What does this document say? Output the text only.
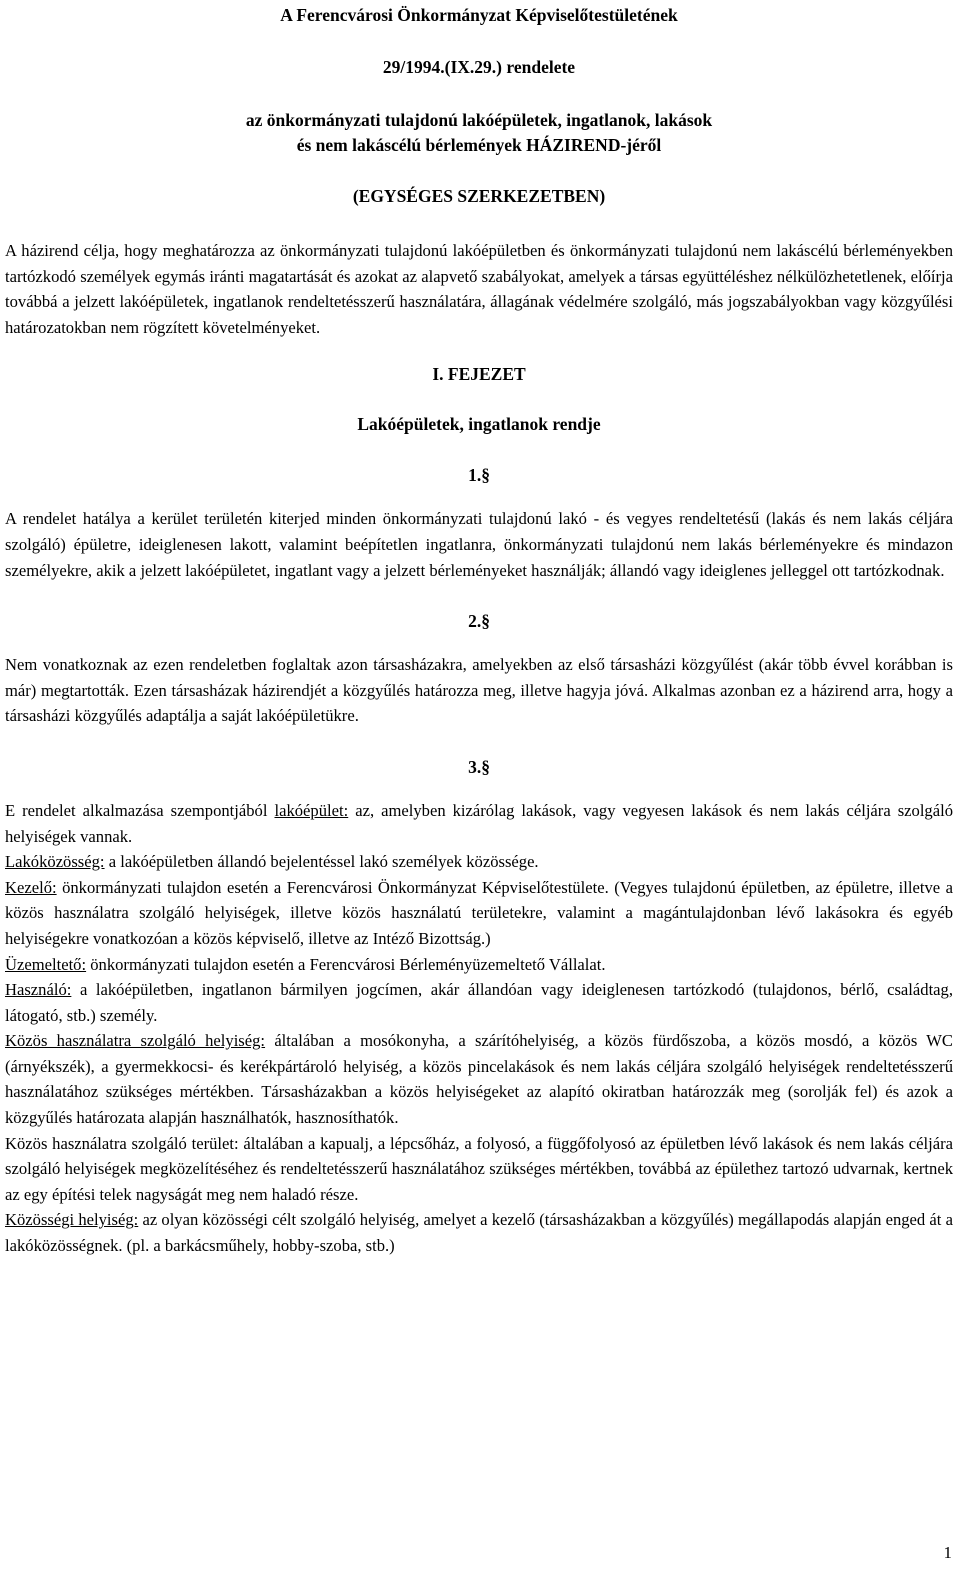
A Ferencvárosi Önkormányzat Képviselőtestületének
29/1994.(IX.29.) rendelete
az önkormányzati tulajdonú lakóépületek, ingatlanok, lakások
és nem lakáscélú bérlemények HÁZIREND-jéről
(EGYSÉGES SZERKEZETBEN)

A házirend célja, hogy meghatározza az önkormányzati tulajdonú lakóépületben és önkormányzati tulajdonú nem lakáscélú bérleményekben tartózkodó személyek egymás iránti magatartását és azokat az alapvető szabályokat, amelyek a társas együttéléshez nélkülözhetetlenek, előírja továbbá a jelzett lakóépületek, ingatlanok rendeltetésszerű használatára, állagának védelmére szolgáló, más jogszabályokban vagy közgyűlési határozatokban nem rögzített követelményeket.

I. FEJEZET
Lakóépületek, ingatlanok rendje
1.§

A rendelet hatálya a kerület területén kiterjed minden önkormányzati tulajdonú lakó - és vegyes rendeltetésű (lakás és nem lakás céljára szolgáló) épületre, ideiglenesen lakott, valamint beépítetlen ingatlanra, önkormányzati tulajdonú nem lakás bérleményekre és mindazon személyekre, akik a jelzett lakóépületet, ingatlant vagy a jelzett bérleményeket használják; állandó vagy ideiglenes jelleggel ott tartózkodnak.

2.§

Nem vonatkoznak az ezen rendeletben foglaltak azon társasházakra, amelyekben az első társasházi közgyűlést (akár több évvel korábban is már) megtartották. Ezen társasházak házirendjét a közgyűlés határozza meg, illetve hagyja jóvá. Alkalmas azonban ez a házirend arra, hogy a társasházi közgyűlés adaptálja a saját lakóépületükre.

3.§

E rendelet alkalmazása szempontjából lakóépület: az, amelyben kizárólag lakások, vagy vegyesen lakások és nem lakás céljára szolgáló helyiségek vannak.

Lakóközösség: a lakóépületben állandó bejelentéssel lakó személyek közössége.

Kezelő: önkormányzati tulajdon esetén a Ferencvárosi Önkormányzat Képviselőtestülete. (Vegyes tulajdonú épületben, az épületre, illetve a közös használatra szolgáló helyiségek, illetve közös használatú területekre, valamint a magántulajdonban lévő lakásokra és egyéb helyiségekre vonatkozóan a közös képviselő, illetve az Intéző Bizottság.)

Üzemeltető: önkormányzati tulajdon esetén a Ferencvárosi Bérleményüzemeltető Vállalat.

Használó: a lakóépületben, ingatlanon bármilyen jogcímen, akár állandóan vagy ideiglenesen tartózkodó (tulajdonos, bérlő, családtag, látogató, stb.) személy.

Közös használatra szolgáló helyiség: általában a mosókonyha, a szárítóhelyiség, a közös fürdőszoba, a közös mosdó, a közös WC (árnyékszék), a gyermekkocsi- és kerékpártároló helyiség, a közös pincelakások és nem lakás céljára szolgáló helyiségek rendeltetésszerű használatához szükséges mértékben. Társasházakban a közös helyiségeket az alapító okiratban határozzák meg (sorolják fel) és azok a közgyűlés határozata alapján használhatók, hasznosíthatók.

Közös használatra szolgáló terület: általában a kapualj, a lépcsőház, a folyosó, a függőfolyosó az épületben lévő lakások és nem lakás céljára szolgáló helyiségek megközelítéséhez és rendeltetésszerű használatához szükséges mértékben, továbbá az épülethez tartozó udvarnak, kertnek az egy építési telek nagyságát meg nem haladó része.

Közösségi helyiség: az olyan közösségi célt szolgáló helyiség, amelyet a kezelő (társasházakban a közgyűlés) megállapodás alapján enged át a lakóközösségnek. (pl. a barkácsműhely, hobby-szoba, stb.)

1
